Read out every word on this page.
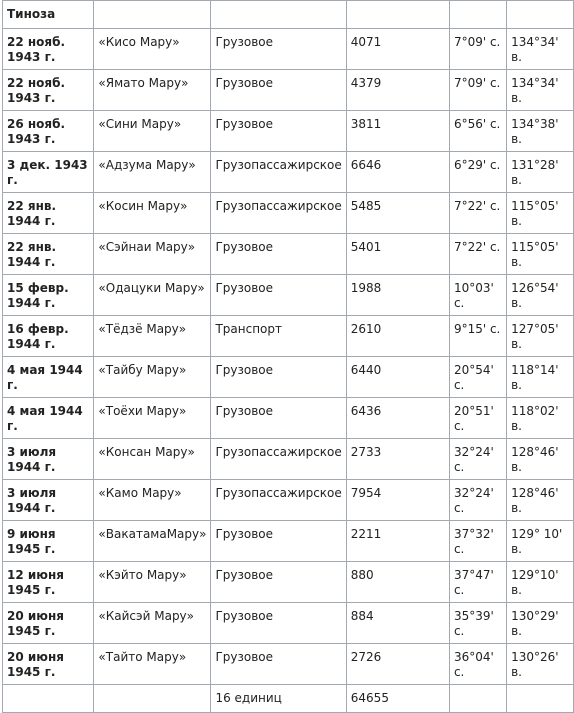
Тиноза					
22 нояб. 1943 г.	«Кисо Мару»	Грузовое	4071	7°09' с.	134°34' в.
22 нояб. 1943 г.	«Ямато Мару»	Грузовое	4379	7°09' с.	134°34' в.
26 нояб. 1943 г.	«Сини Мару»	Грузовое	3811	6°56' с.	134°38' в.
3 дек. 1943 г.	«Адзума Мару»	Грузопассажирское	6646	6°29' с.	131°28' в.
22 янв. 1944 г.	«Косин Мару»	Грузопассажирское	5485	7°22' с.	115°05' в.
22 янв. 1944 г.	«Сэйнаи Мару»	Грузовое	5401	7°22' с.	115°05' в.
15 февр. 1944 г.	«Одацуки Мару»	Грузовое	1988	10°03' с.	126°54' в.
16 февр. 1944 г.	«Тёдзё Мару»	Транспорт	2610	9°15' с.	127°05' в.
4 мая 1944 г.	«Тайбу Мару»	Грузовое	6440	20°54' с.	118°14' в.
4 мая 1944 г.	«Тоёхи Мару»	Грузовое	6436	20°51' с.	118°02' в.
3 июля 1944 г.	«Консан Мару»	Грузопассажирское	2733	32°24' с.	128°46' в.
3 июля 1944 г.	«Камо Мару»	Грузопассажирское	7954	32°24' с.	128°46' в.
9 июня 1945 г.	«ВакатамаМару»	Грузовое	2211	37°32' с.	129° 10' в.
12 июня 1945 г.	«Кэйто Мару»	Грузовое	880	37°47' с.	129°10' в.
20 июня 1945 г.	«Кайсэй Мару»	Грузовое	884	35°39' с.	130°29' в.
20 июня 1945 г.	«Тайто Мару»	Грузовое	2726	36°04' с.	130°26' в.
		16 единиц	64655		
